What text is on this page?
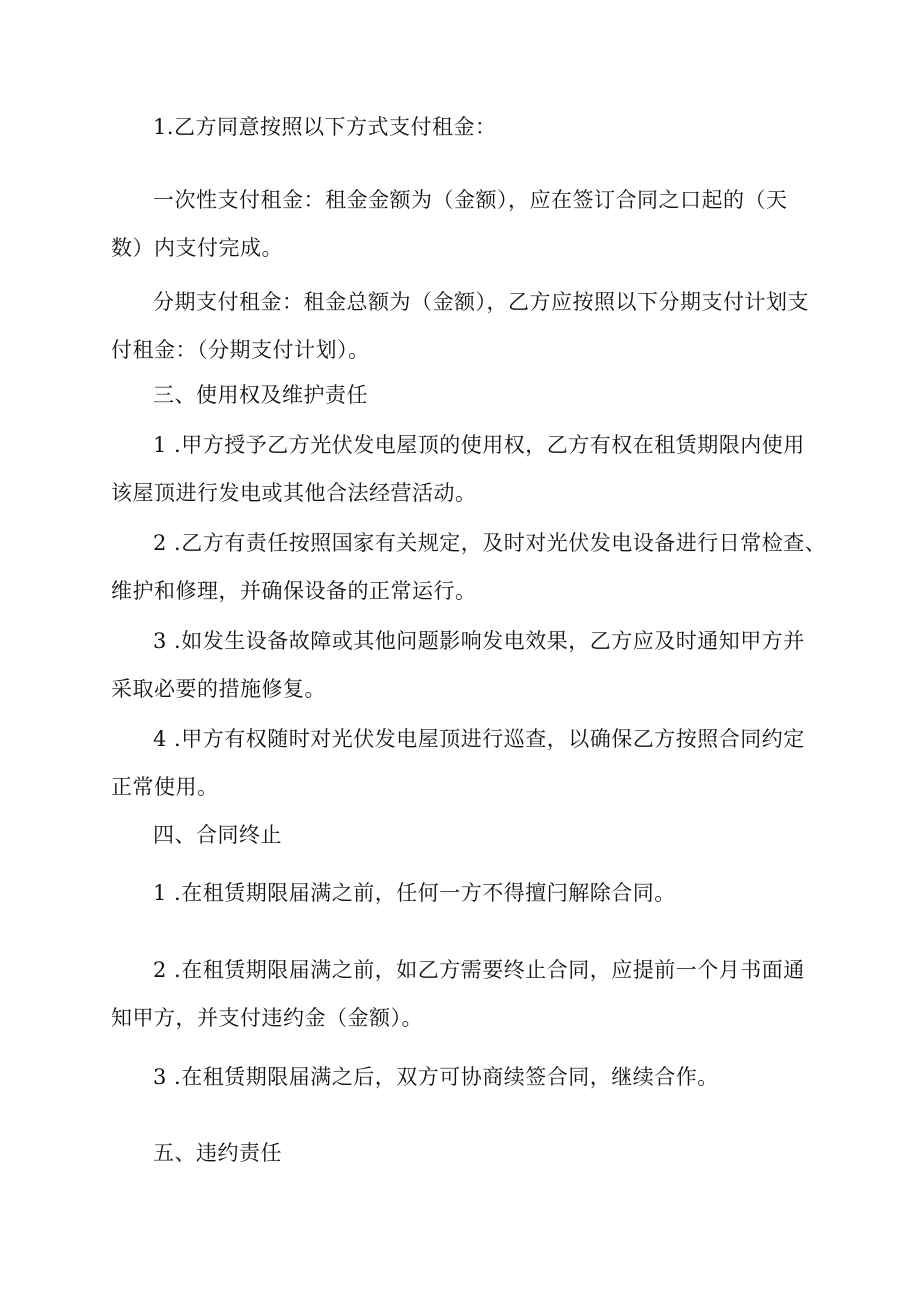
1.乙方同意按照以下方式支付租金：
一次性支付租金：租金金额为（金额），应在签订合同之口起的（天
数）内支付完成。
分期支付租金：租金总额为（金额），乙方应按照以下分期支付计划支
付租金：（分期支付计划）。
三、使用权及维护责任
1 .甲方授予乙方光伏发电屋顶的使用权，乙方有权在租赁期限内使用
该屋顶进行发电或其他合法经营活动。
2 .乙方有责任按照国家有关规定，及时对光伏发电设备进行日常检查、
维护和修理，并确保设备的正常运行。
3 .如发生设备故障或其他问题影响发电效果，乙方应及时通知甲方并
采取必要的措施修复。
4 .甲方有权随时对光伏发电屋顶进行巡查，以确保乙方按照合同约定
正常使用。
四、合同终止
1 .在租赁期限届满之前，任何一方不得擅闩解除合同。
2 .在租赁期限届满之前，如乙方需要终止合同，应提前一个月书面通
知甲方，并支付违约金（金额）。
3 .在租赁期限届满之后，双方可协商续签合同，继续合作。
五、违约责任
